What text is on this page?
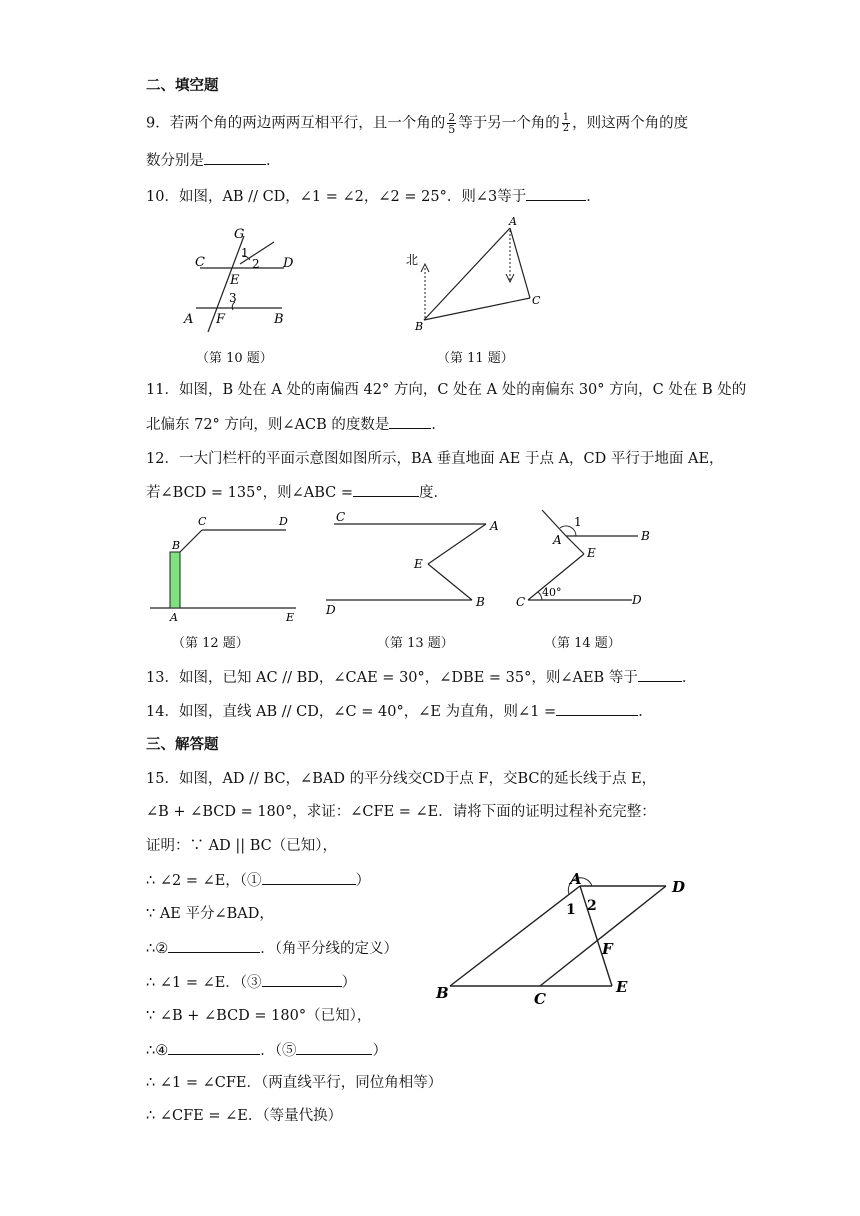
二、填空题
9．若两个角的两边两两互相平行，且一个角的 $\frac{2}{5}$ 等于另一个角的 $\frac{1}{2}$ ，则这两个角的度
数分别是	．
10．如图，AB // CD，∠1 = ∠2，∠2 = 25°．则∠3等于	．
G
C	D
E
A F	B
1
2
3
（第 10 题）
A
B
C
北
（第 11 题）
11．如图，B 处在 A 处的南偏西 42° 方向，C 处在 A 处的南偏东 30° 方向，C 处在 B 处的
北偏东 72° 方向，则∠ACB 的度数是	．
12．一大门栏杆的平面示意图如图所示，BA 垂直地面 AE 于点 A，CD 平行于地面 AE，
若∠BCD = 135°，则∠ABC =	度．
B
C	D
A	E
（第 12 题）
C
A
E
D
B
（第 13 题）
1
A	B
E
C
40°
D
（第 14 题）
13．如图，已知 AC // BD，∠CAE = 30°，∠DBE = 35°，则∠AEB 等于	．
14．如图，直线 AB // CD，∠C = 40°，∠E 为直角，则∠1 =	．
三、解答题
15．如图，AD // BC，∠BAD 的平分线交CD于点 F，交BC的延长线于点 E，
∠B + ∠BCD = 180°，求证：∠CFE = ∠E．请将下面的证明过程补充完整：
证明：∵ AD || BC（已知），
∴ ∠2 = ∠E，（①	）
∵ AE 平分∠BAD，
∴②	．（角平分线的定义）
∴ ∠1 = ∠E．（③	）
∵ ∠B + ∠BCD = 180°（已知），
∴④	．（⑤	）
∴ ∠1 = ∠CFE．（两直线平行，同位角相等）
∴ ∠CFE = ∠E．（等量代换）
A	D
1 2
F
B	C
E
